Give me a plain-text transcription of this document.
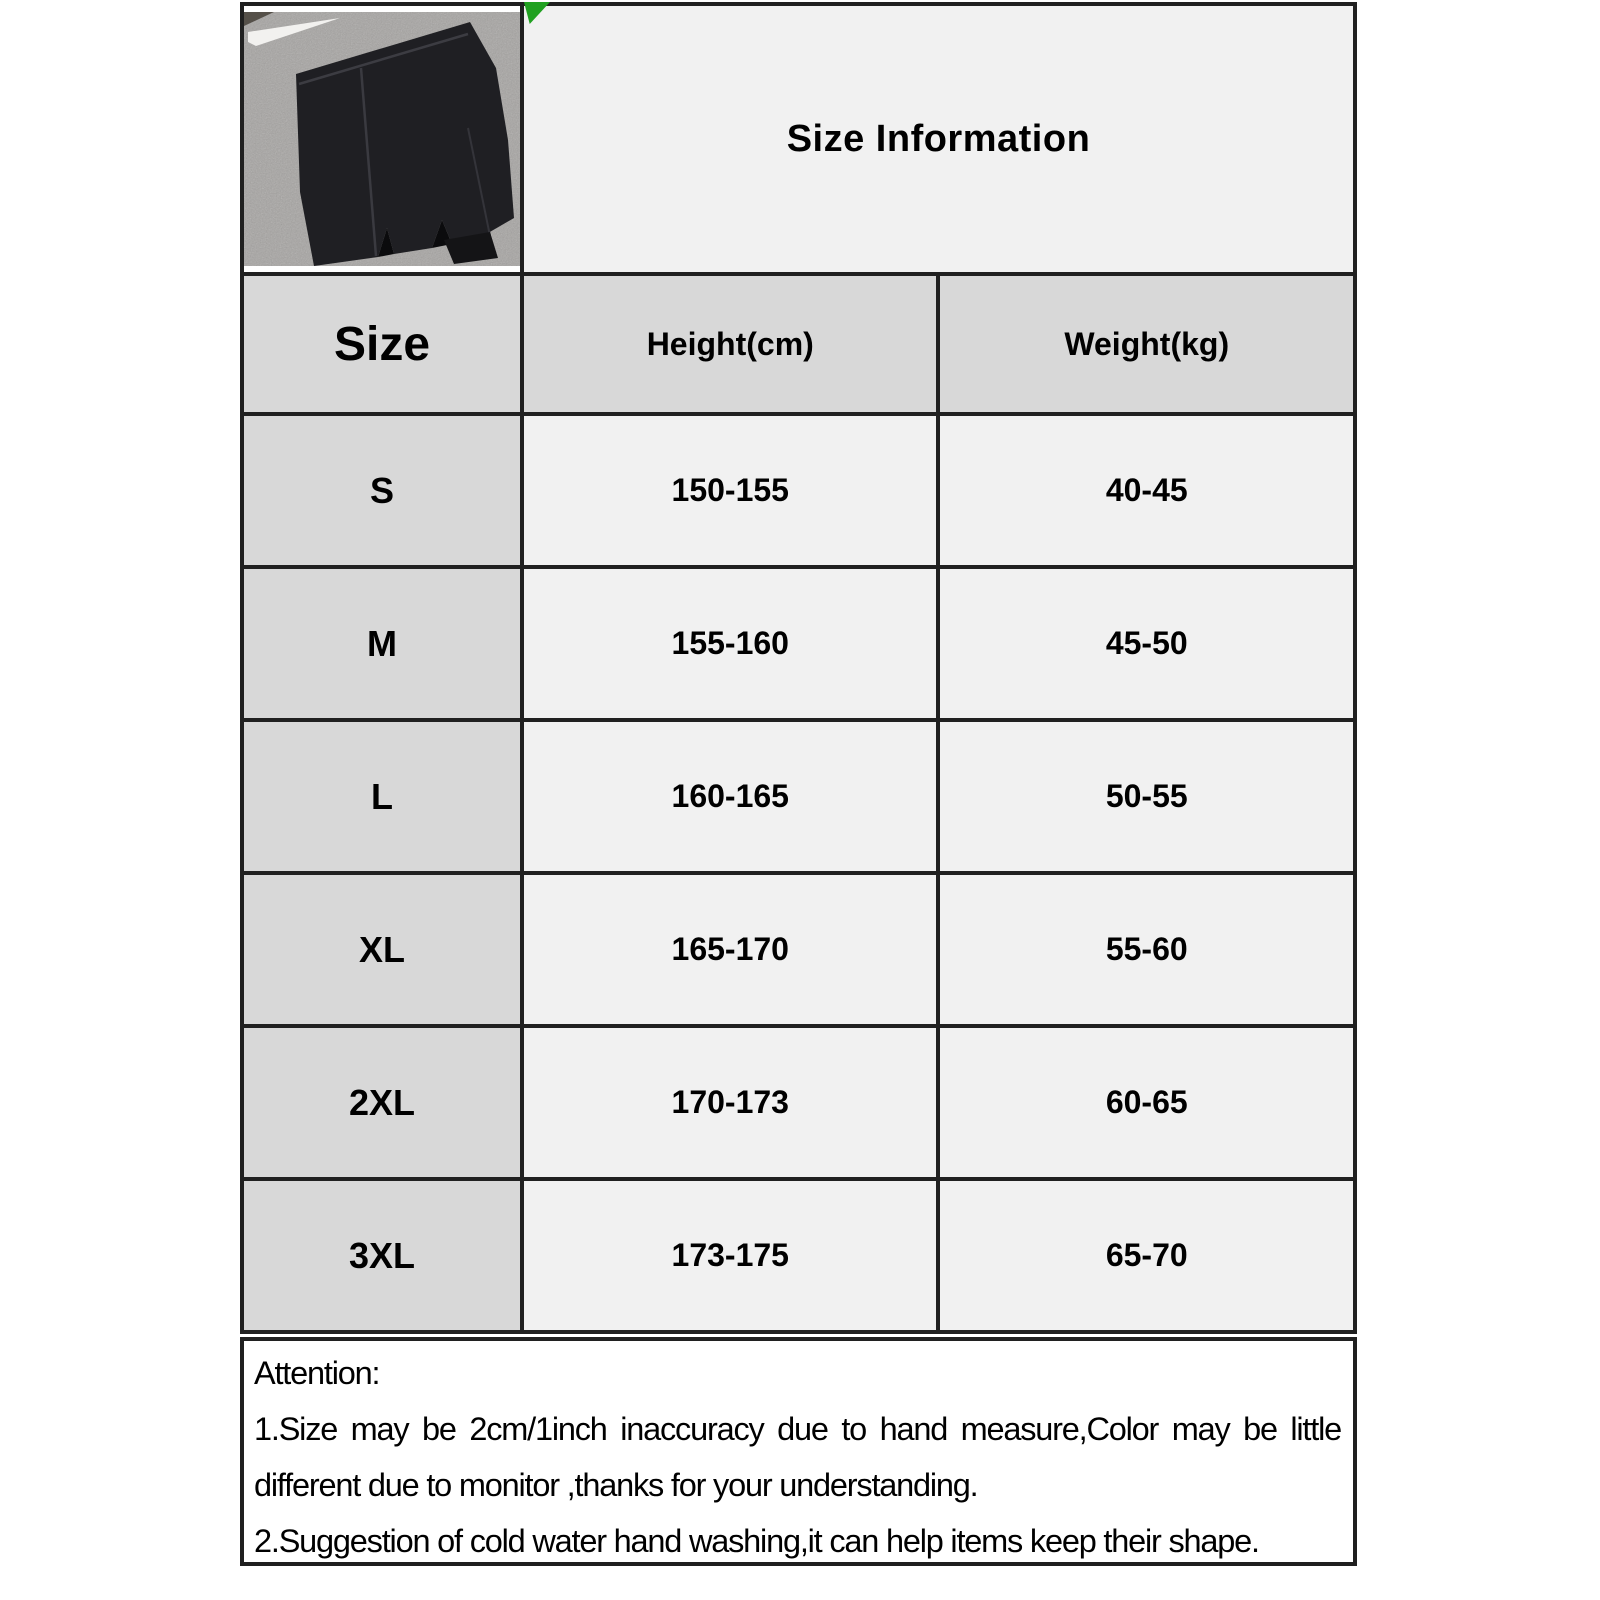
	Size Information	
Size	Height(cm)	Weight(kg)
S	150-155	40-45
M	155-160	45-50
L	160-165	50-55
XL	165-170	55-60
2XL	170-173	60-65
3XL	173-175	65-70
Attention:
1.Size may be 2cm/1inch inaccuracy due to hand measure,Color may be little different due to monitor ,thanks for your understanding.
2.Suggestion of cold water hand washing,it can help items keep their shape.
